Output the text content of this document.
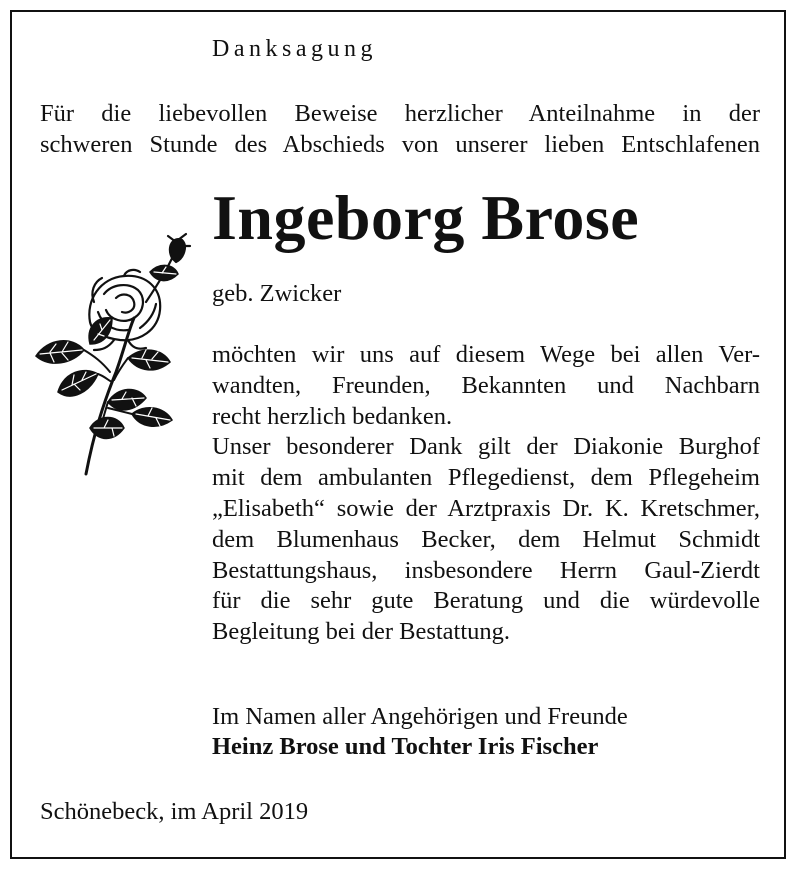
Danksagung
Für die liebevollen Beweise herzlicher Anteilnahme in der
schweren Stunde des Abschieds von unserer lieben Entschlafenen
Ingeborg Brose
geb. Zwicker
möchten wir uns auf diesem Wege bei allen Ver-
wandten, Freunden, Bekannten und Nachbarn
recht herzlich bedanken.
Unser besonderer Dank gilt der Diakonie Burghof
mit dem ambulanten Pflegedienst, dem Pflegeheim
„Elisabeth“ sowie der Arztpraxis Dr. K. Kretschmer,
dem Blumenhaus Becker, dem Helmut Schmidt
Bestattungshaus, insbesondere Herrn Gaul-Zierdt
für die sehr gute Beratung und die würdevolle
Begleitung bei der Bestattung.
Im Namen aller Angehörigen und Freunde
Heinz Brose und Tochter Iris Fischer
Schönebeck, im April 2019
